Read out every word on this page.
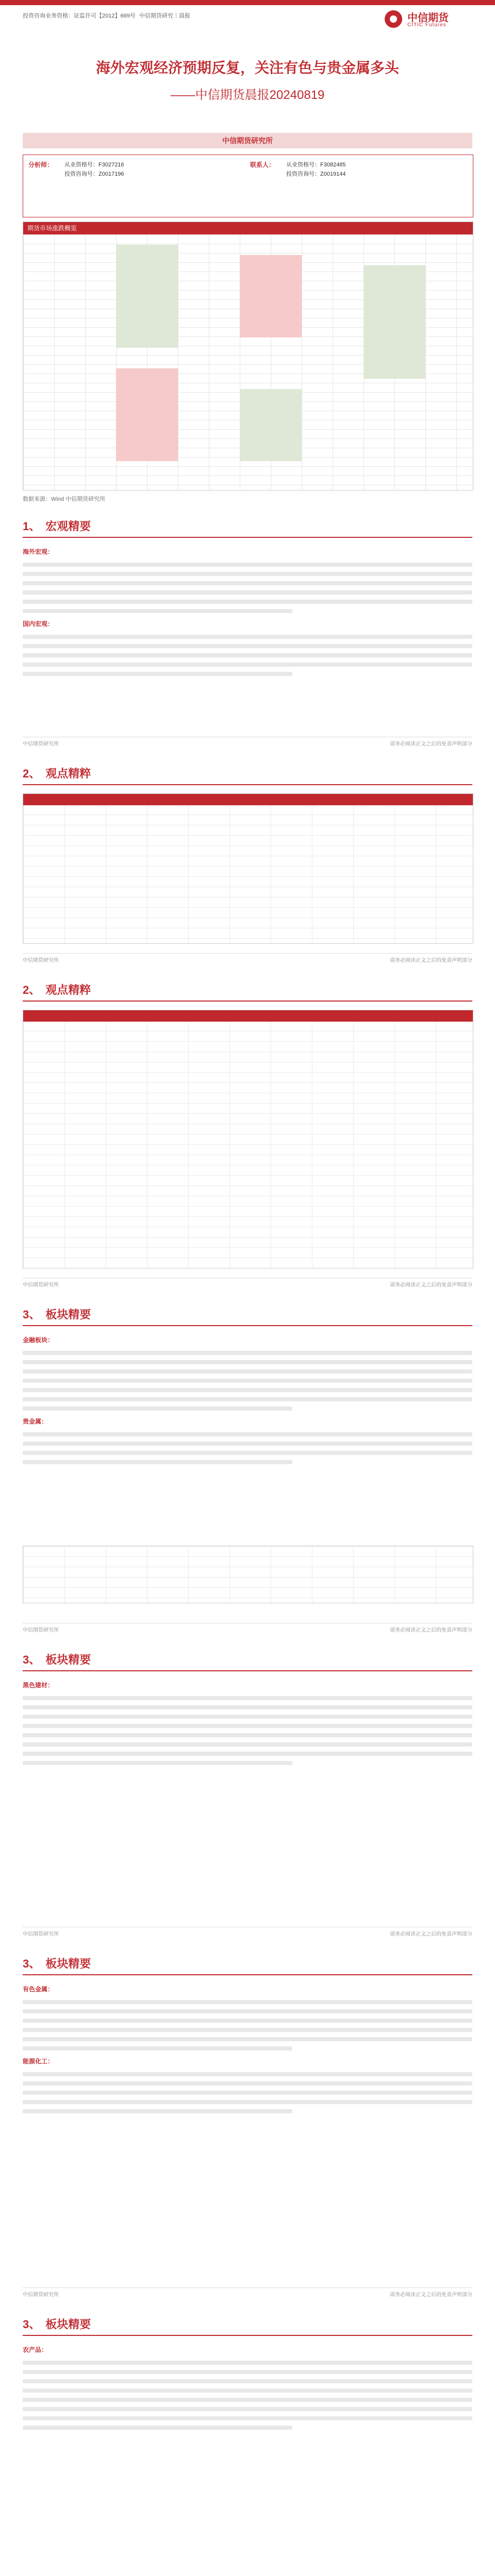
投资咨询业务资格：证监许可【2012】669号 中信期货研究｜晨报	中信期货
CITIC Futures
海外宏观经济预期反复，关注有色与贵金属多头
——中信期货晨报20240819
中信期货研究所
分析师：	从业资格号：F3027216
投资咨询号：Z0017196
联系人：	从业资格号：F3082485
投资咨询号：Z0019144
期货市场涨跌概览
数据来源：Wind 中信期货研究所
1、 宏观精要
海外宏观：
国内宏观：
中信期货研究所	请务必阅读正文之后的免责声明部分
2、 观点精粹
中信期货研究所	请务必阅读正文之后的免责声明部分
2、 观点精粹
中信期货研究所	请务必阅读正文之后的免责声明部分
3、 板块精要
金融板块：
贵金属：
中信期货研究所	请务必阅读正文之后的免责声明部分
3、 板块精要
黑色建材：
中信期货研究所	请务必阅读正文之后的免责声明部分
3、 板块精要
有色金属：
能源化工：
中信期货研究所	请务必阅读正文之后的免责声明部分
3、 板块精要
农产品：
